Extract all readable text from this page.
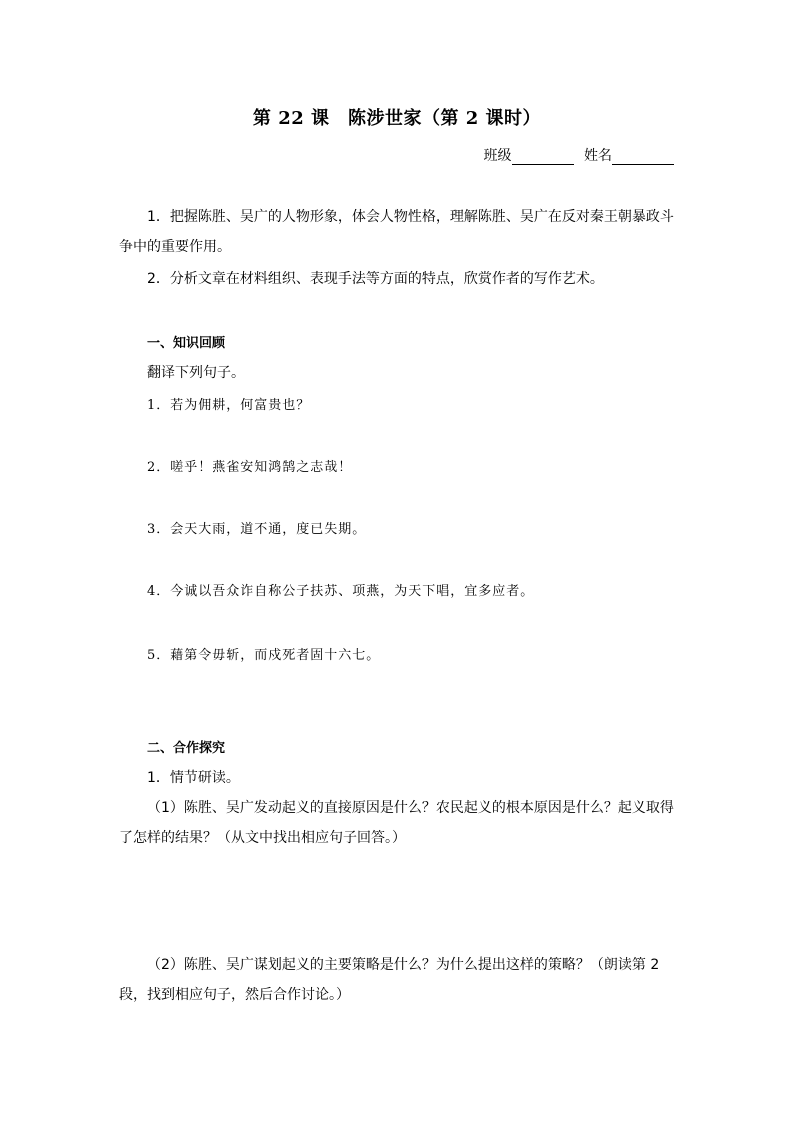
第 22 课　陈涉世家（第 2 课时）
班级	姓名
1．把握陈胜、吴广的人物形象，体会人物性格，理解陈胜、吴广在反对秦王朝暴政斗争中的重要作用。
2．分析文章在材料组织、表现手法等方面的特点，欣赏作者的写作艺术。
一、知识回顾
翻译下列句子。
1．若为佣耕，何富贵也？
2．嗟乎！燕雀安知鸿鹄之志哉！
3．会天大雨，道不通，度已失期。
4．今诚以吾众诈自称公子扶苏、项燕，为天下唱，宜多应者。
5．藉第令毋斩，而戍死者固十六七。
二、合作探究
1．情节研读。
（1）陈胜、吴广发动起义的直接原因是什么？农民起义的根本原因是什么？起义取得了怎样的结果？（从文中找出相应句子回答。）
（2）陈胜、吴广谋划起义的主要策略是什么？为什么提出这样的策略？（朗读第 2 段，找到相应句子，然后合作讨论。）
